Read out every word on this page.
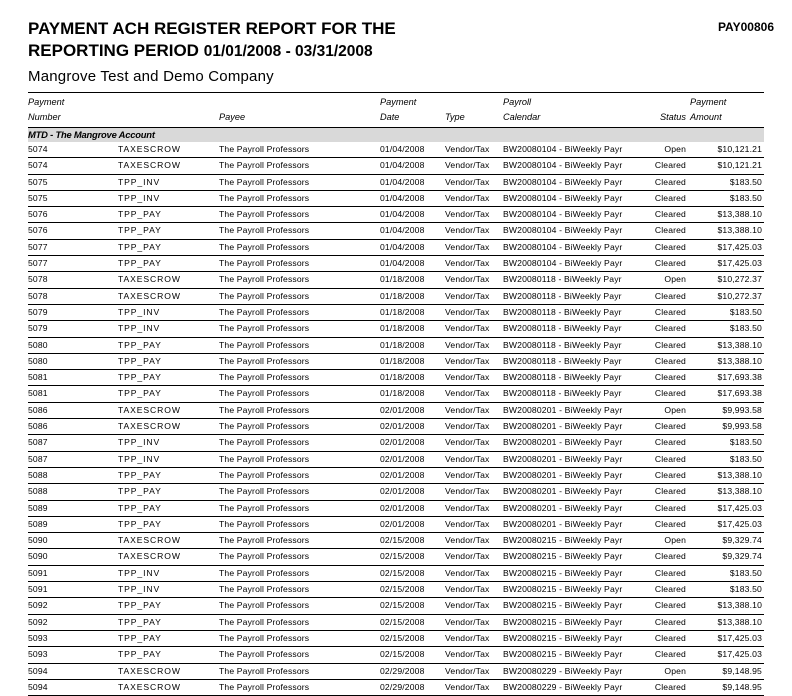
PAYMENT ACH REGISTER REPORT FOR THE
REPORTING PERIOD 01/01/2008 - 03/31/2008
PAY00806
Mangrove Test and Demo Company

Payment			Payment		Payroll		Payment
Number		Payee	Date	Type	Calendar	Status	Amount

MTD - The Mangrove Account							
5074	TAXESCROW	The Payroll Professors	01/04/2008	Vendor/Tax	BW20080104 - BiWeekly Payr	Open	$10,121.21
5074	TAXESCROW	The Payroll Professors	01/04/2008	Vendor/Tax	BW20080104 - BiWeekly Payr	Cleared	$10,121.21
5075	TPP_INV	The Payroll Professors	01/04/2008	Vendor/Tax	BW20080104 - BiWeekly Payr	Cleared	$183.50
5075	TPP_INV	The Payroll Professors	01/04/2008	Vendor/Tax	BW20080104 - BiWeekly Payr	Cleared	$183.50
5076	TPP_PAY	The Payroll Professors	01/04/2008	Vendor/Tax	BW20080104 - BiWeekly Payr	Cleared	$13,388.10
5076	TPP_PAY	The Payroll Professors	01/04/2008	Vendor/Tax	BW20080104 - BiWeekly Payr	Cleared	$13,388.10
5077	TPP_PAY	The Payroll Professors	01/04/2008	Vendor/Tax	BW20080104 - BiWeekly Payr	Cleared	$17,425.03
5077	TPP_PAY	The Payroll Professors	01/04/2008	Vendor/Tax	BW20080104 - BiWeekly Payr	Cleared	$17,425.03
5078	TAXESCROW	The Payroll Professors	01/18/2008	Vendor/Tax	BW20080118 - BiWeekly Payr	Open	$10,272.37
5078	TAXESCROW	The Payroll Professors	01/18/2008	Vendor/Tax	BW20080118 - BiWeekly Payr	Cleared	$10,272.37
5079	TPP_INV	The Payroll Professors	01/18/2008	Vendor/Tax	BW20080118 - BiWeekly Payr	Cleared	$183.50
5079	TPP_INV	The Payroll Professors	01/18/2008	Vendor/Tax	BW20080118 - BiWeekly Payr	Cleared	$183.50
5080	TPP_PAY	The Payroll Professors	01/18/2008	Vendor/Tax	BW20080118 - BiWeekly Payr	Cleared	$13,388.10
5080	TPP_PAY	The Payroll Professors	01/18/2008	Vendor/Tax	BW20080118 - BiWeekly Payr	Cleared	$13,388.10
5081	TPP_PAY	The Payroll Professors	01/18/2008	Vendor/Tax	BW20080118 - BiWeekly Payr	Cleared	$17,693.38
5081	TPP_PAY	The Payroll Professors	01/18/2008	Vendor/Tax	BW20080118 - BiWeekly Payr	Cleared	$17,693.38
5086	TAXESCROW	The Payroll Professors	02/01/2008	Vendor/Tax	BW20080201 - BiWeekly Payr	Open	$9,993.58
5086	TAXESCROW	The Payroll Professors	02/01/2008	Vendor/Tax	BW20080201 - BiWeekly Payr	Cleared	$9,993.58
5087	TPP_INV	The Payroll Professors	02/01/2008	Vendor/Tax	BW20080201 - BiWeekly Payr	Cleared	$183.50
5087	TPP_INV	The Payroll Professors	02/01/2008	Vendor/Tax	BW20080201 - BiWeekly Payr	Cleared	$183.50
5088	TPP_PAY	The Payroll Professors	02/01/2008	Vendor/Tax	BW20080201 - BiWeekly Payr	Cleared	$13,388.10
5088	TPP_PAY	The Payroll Professors	02/01/2008	Vendor/Tax	BW20080201 - BiWeekly Payr	Cleared	$13,388.10
5089	TPP_PAY	The Payroll Professors	02/01/2008	Vendor/Tax	BW20080201 - BiWeekly Payr	Cleared	$17,425.03
5089	TPP_PAY	The Payroll Professors	02/01/2008	Vendor/Tax	BW20080201 - BiWeekly Payr	Cleared	$17,425.03
5090	TAXESCROW	The Payroll Professors	02/15/2008	Vendor/Tax	BW20080215 - BiWeekly Payr	Open	$9,329.74
5090	TAXESCROW	The Payroll Professors	02/15/2008	Vendor/Tax	BW20080215 - BiWeekly Payr	Cleared	$9,329.74
5091	TPP_INV	The Payroll Professors	02/15/2008	Vendor/Tax	BW20080215 - BiWeekly Payr	Cleared	$183.50
5091	TPP_INV	The Payroll Professors	02/15/2008	Vendor/Tax	BW20080215 - BiWeekly Payr	Cleared	$183.50
5092	TPP_PAY	The Payroll Professors	02/15/2008	Vendor/Tax	BW20080215 - BiWeekly Payr	Cleared	$13,388.10
5092	TPP_PAY	The Payroll Professors	02/15/2008	Vendor/Tax	BW20080215 - BiWeekly Payr	Cleared	$13,388.10
5093	TPP_PAY	The Payroll Professors	02/15/2008	Vendor/Tax	BW20080215 - BiWeekly Payr	Cleared	$17,425.03
5093	TPP_PAY	The Payroll Professors	02/15/2008	Vendor/Tax	BW20080215 - BiWeekly Payr	Cleared	$17,425.03
5094	TAXESCROW	The Payroll Professors	02/29/2008	Vendor/Tax	BW20080229 - BiWeekly Payr	Open	$9,148.95
5094	TAXESCROW	The Payroll Professors	02/29/2008	Vendor/Tax	BW20080229 - BiWeekly Payr	Cleared	$9,148.95
